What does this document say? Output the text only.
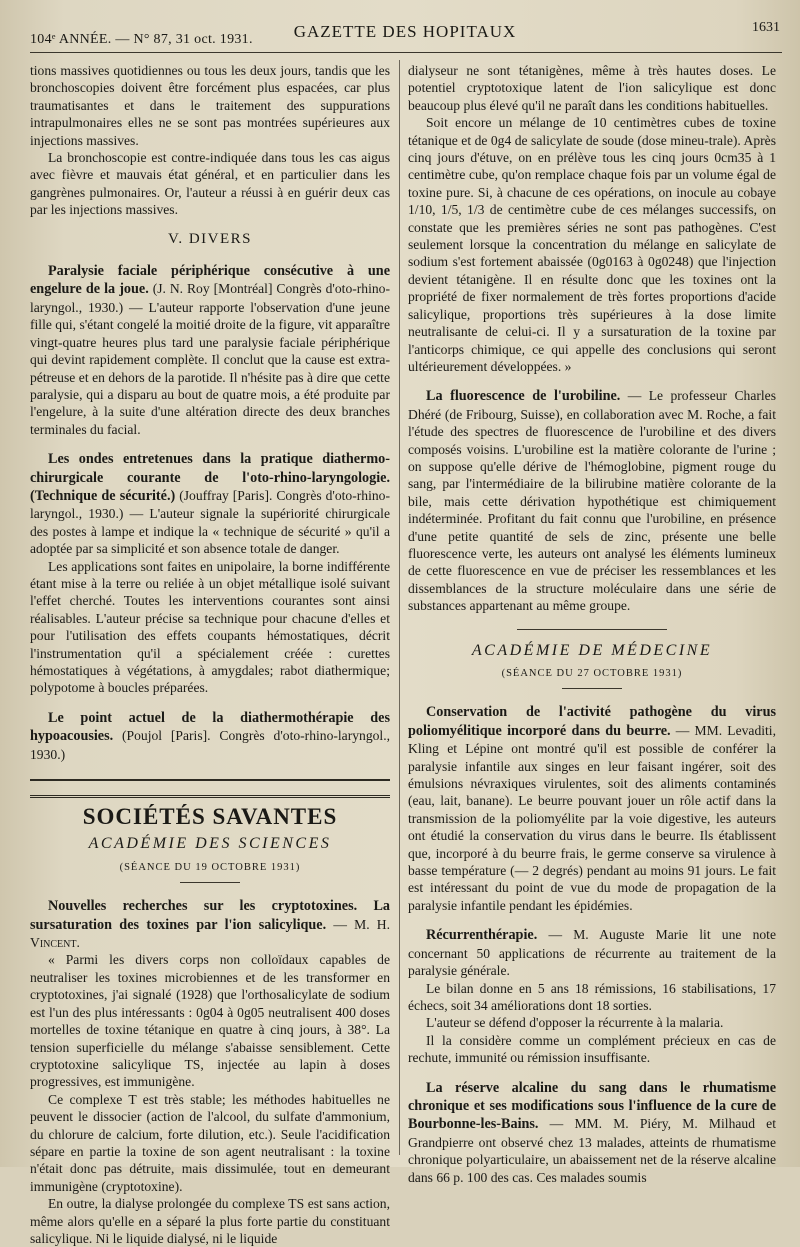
104ᵉ ANNÉE. — N° 87, 31 oct. 1931.	GAZETTE DES HOPITAUX	1631

tions massives quotidiennes ou tous les deux jours, tandis que les bronchoscopies doivent être forcément plus espacées, car plus traumatisantes et dans le traitement des suppurations intrapulmonaires elles ne se sont pas montrées supérieures aux injections massives.

La bronchoscopie est contre-indiquée dans tous les cas aigus avec fièvre et mauvais état général, et en particulier dans les gangrènes pulmonaires. Or, l'auteur a réussi à en guérir deux cas par les injections massives.

V. DIVERS

Paralysie faciale périphérique consécutive à une engelure de la joue. (J. N. Roy [Montréal] Congrès d'oto-rhino-laryngol., 1930.) — L'auteur rapporte l'observation d'une jeune fille qui, s'étant congelé la moitié droite de la figure, vit apparaître vingt-quatre heures plus tard une paralysie faciale périphérique qui devint rapidement complète. Il conclut que la cause est extra-pétreuse et en dehors de la parotide. Il n'hésite pas à dire que cette paralysie, qui a disparu au bout de quatre mois, a été produite par l'engelure, à la suite d'une altération directe des deux branches terminales du facial.

Les ondes entretenues dans la pratique diathermo-chirurgicale courante de l'oto-rhino-laryngologie. (Technique de sécurité.) (Jouffray [Paris]. Congrès d'oto-rhino-laryngol., 1930.) — L'auteur signale la supériorité chirurgicale des postes à lampe et indique la « technique de sécurité » qu'il a adoptée par sa simplicité et son absence totale de danger.

Les applications sont faites en unipolaire, la borne indifférente étant mise à la terre ou reliée à un objet métallique isolé suivant l'effet cherché. Toutes les interventions courantes sont ainsi réalisables. L'auteur précise sa technique pour chacune d'elles et pour l'utilisation des effets coupants hémostatiques, décrit l'instrumentation qu'il a spécialement créée : curettes hémostatiques à végétations, à amygdales; rabot diathermique; polypotome à boucles préparées.

Le point actuel de la diathermothérapie des hypoacousies. (Poujol [Paris]. Congrès d'oto-rhino-laryngol., 1930.)

SOCIÉTÉS SAVANTES
ACADÉMIE DES SCIENCES
(SÉANCE DU 19 OCTOBRE 1931)

Nouvelles recherches sur les cryptotoxines. La sursaturation des toxines par l'ion salicylique. — M. H. Vincent.

« Parmi les divers corps non colloïdaux capables de neutraliser les toxines microbiennes et de les transformer en cryptotoxines, j'ai signalé (1928) que l'orthosalicylate de sodium est l'un des plus intéressants : 0g04 à 0g05 neutralisent 400 doses mortelles de toxine tétanique en quatre à cinq jours, à 38°. La tension superficielle du mélange s'abaisse sensiblement. Cette cryptotoxine salicylique TS, injectée au lapin à doses progressives, est immunigène.

Ce complexe T est très stable; les méthodes habituelles ne peuvent le dissocier (action de l'alcool, du sulfate d'ammonium, du chlorure de calcium, forte dilution, etc.). Seule l'acidification sépare en partie la toxine de son agent neutralisant : la toxine n'était donc pas détruite, mais dissimulée, tout en demeurant immunigène (cryptotoxine).

En outre, la dialyse prolongée du complexe TS est sans action, même alors qu'elle en a séparé la plus forte partie du constituant salicylique. Ni le liquide dialysé, ni le liquide

dialyseur ne sont tétanigènes, même à très hautes doses. Le potentiel cryptotoxique latent de l'ion salicylique est donc beaucoup plus élevé qu'il ne paraît dans les conditions habituelles.

Soit encore un mélange de 10 centimètres cubes de toxine tétanique et de 0g4 de salicylate de soude (dose mineu-trale). Après cinq jours d'étuve, on en prélève tous les cinq jours 0cm35 à 1 centimètre cube, qu'on remplace chaque fois par un volume égal de toxine pure. Si, à chacune de ces opérations, on inocule au cobaye 1/10, 1/5, 1/3 de centimètre cube de ces mélanges successifs, on constate que les premières séries ne sont pas pathogènes. C'est seulement lorsque la concentration du mélange en salicylate de sodium s'est fortement abaissée (0g0163 à 0g0248) que l'injection devient tétanigène. Il en résulte donc que les toxines ont la propriété de fixer normalement de très fortes proportions d'acide salicylique, proportions très supérieures à la dose limite neutralisante de celui-ci. Il y a sursaturation de la toxine par l'anticorps chimique, ce qui appelle des conclusions qui seront ultérieurement développées. »

La fluorescence de l'urobiline. — Le professeur Charles Dhéré (de Fribourg, Suisse), en collaboration avec M. Roche, a fait l'étude des spectres de fluorescence de l'urobiline et des divers composés voisins. L'urobiline est la matière colorante de l'urine ; on suppose qu'elle dérive de l'hémoglobine, pigment rouge du sang, par l'intermédiaire de la bilirubine matière colorante de la bile, mais cette dérivation hypothétique est chimiquement indéterminée. Profitant du fait connu que l'urobiline, en présence d'une petite quantité de sels de zinc, présente une belle fluorescence verte, les auteurs ont analysé les éléments lumineux de cette fluorescence en vue de préciser les ressemblances et les dissemblances de la structure moléculaire dans une série de substances appartenant au même groupe.

ACADÉMIE DE MÉDECINE
(SÉANCE DU 27 OCTOBRE 1931)

Conservation de l'activité pathogène du virus poliomyélitique incorporé dans du beurre. — MM. Levaditi, Kling et Lépine ont montré qu'il est possible de conférer la paralysie infantile aux singes en leur faisant ingérer, soit des émulsions névraxiques virulentes, soit des aliments contaminés (eau, lait, banane). Le beurre pouvant jouer un rôle actif dans la transmission de la poliomyélite par la voie digestive, les auteurs ont étudié la conservation du virus dans le beurre. Ils établissent que, incorporé à du beurre frais, le germe conserve sa virulence à basse température (— 2 degrés) pendant au moins 91 jours. Le fait est intéressant du point de vue du mode de propagation de la paralysie infantile pendant les épidémies.

Récurrenthérapie. — M. Auguste Marie lit une note concernant 50 applications de récurrente au traitement de la paralysie générale.

Le bilan donne en 5 ans 18 rémissions, 16 stabilisations, 17 échecs, soit 34 améliorations dont 18 sorties.

L'auteur se défend d'opposer la récurrente à la malaria.

Il la considère comme un complément précieux en cas de rechute, immunité ou rémission insuffisante.

La réserve alcaline du sang dans le rhumatisme chronique et ses modifications sous l'influence de la cure de Bourbonne-les-Bains. — MM. M. Piéry, M. Milhaud et Grandpierre ont observé chez 13 malades, atteints de rhumatisme chronique polyarticulaire, un abaissement net de la réserve alcaline dans 66 p. 100 des cas. Ces malades soumis
